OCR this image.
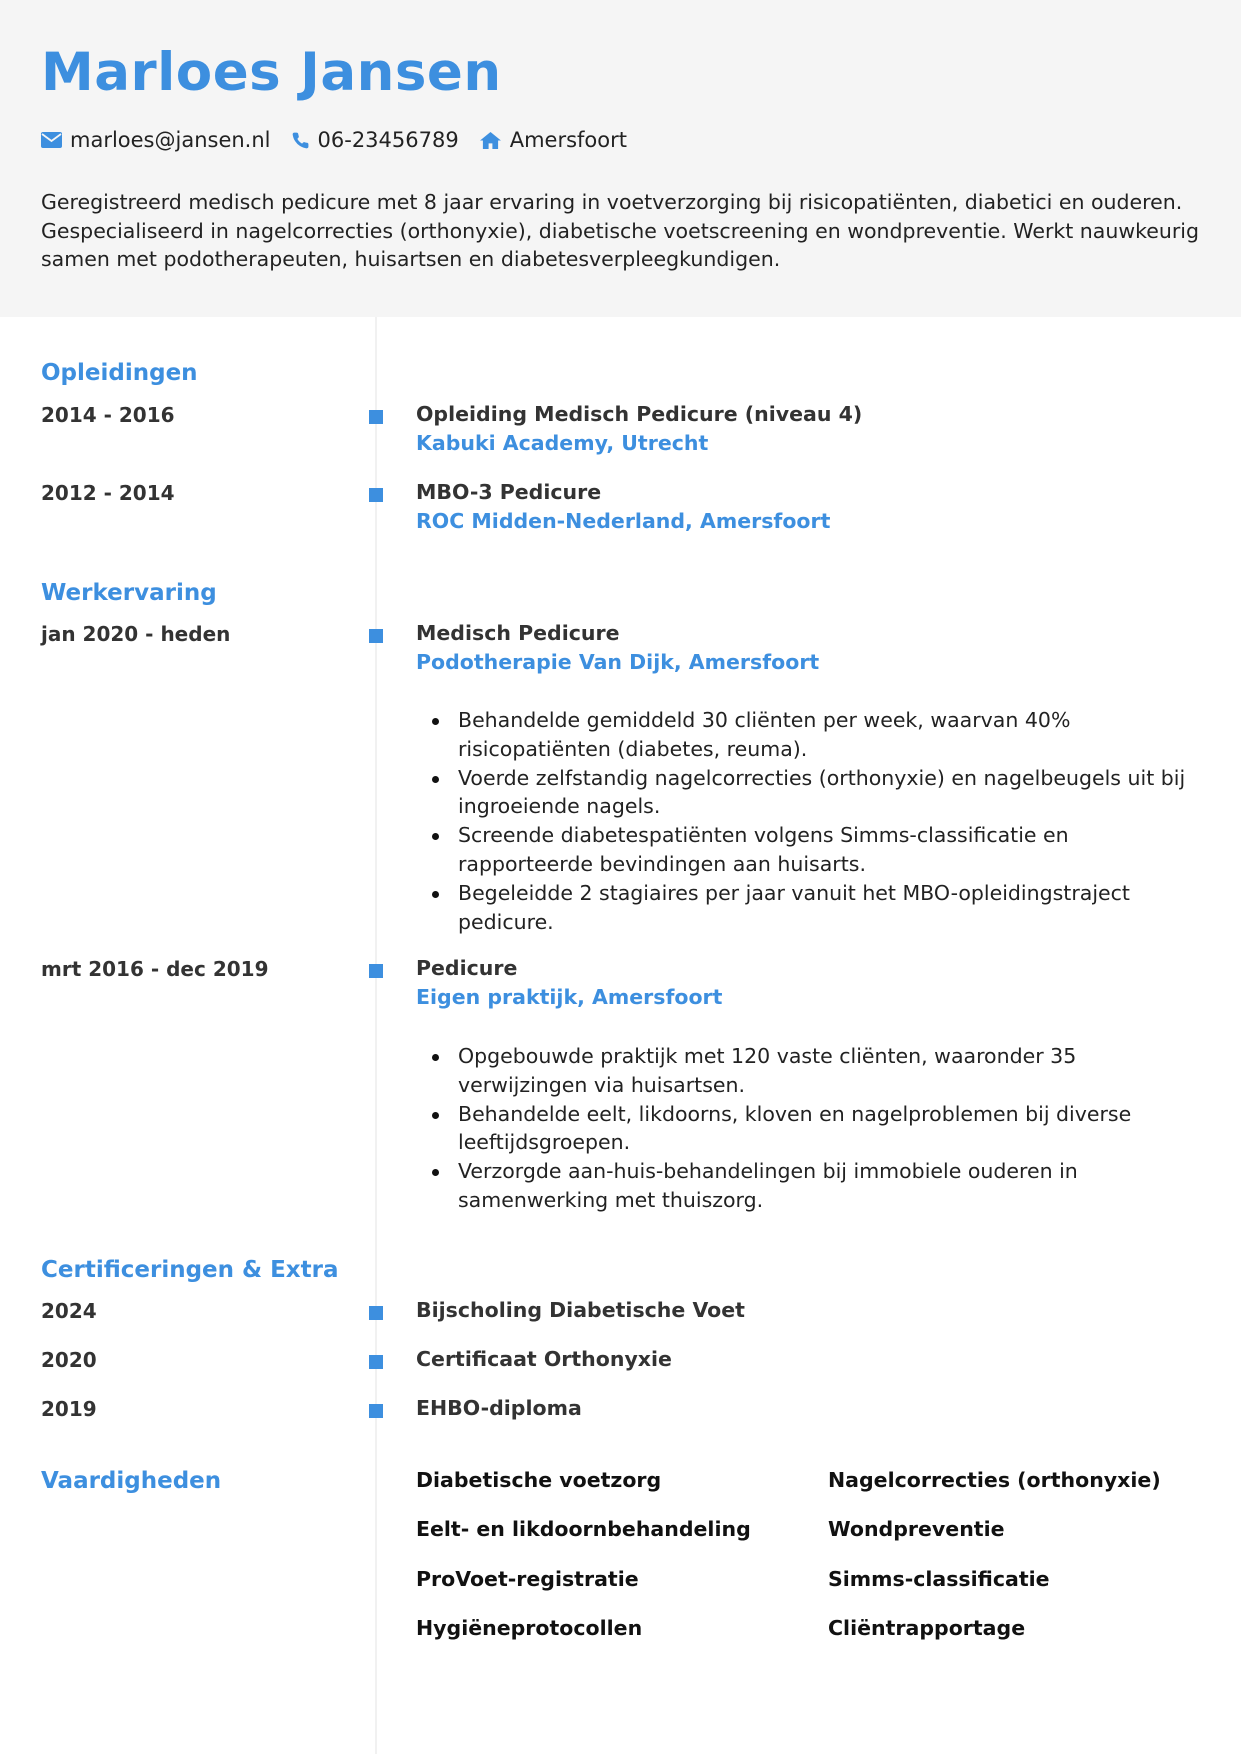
Marloes Jansen
marloes@jansen.nl 06-23456789 Amersfoort
Geregistreerd medisch pedicure met 8 jaar ervaring in voetverzorging bij risicopatiënten, diabetici en ouderen. Gespecialiseerd in nagelcorrecties (orthonyxie), diabetische voetscreening en wondpreventie. Werkt nauwkeurig samen met podotherapeuten, huisartsen en diabetesverpleegkundigen.
Opleidingen
2014 - 2016	Opleiding Medisch Pedicure (niveau 4)
Kabuki Academy, Utrecht
2012 - 2014	MBO-3 Pedicure
ROC Midden-Nederland, Amersfoort
Werkervaring
jan 2020 - heden	Medisch Pedicure
Podotherapie Van Dijk, Amersfoort
Behandelde gemiddeld 30 cliënten per week, waarvan 40% risicopatiënten (diabetes, reuma).
Voerde zelfstandig nagelcorrecties (orthonyxie) en nagelbeugels uit bij ingroeiende nagels.
Screende diabetespatiënten volgens Simms-classificatie en rapporteerde bevindingen aan huisarts.
Begeleidde 2 stagiaires per jaar vanuit het MBO-opleidingstraject pedicure.
mrt 2016 - dec 2019	Pedicure
Eigen praktijk, Amersfoort
Opgebouwde praktijk met 120 vaste cliënten, waaronder 35 verwijzingen via huisartsen.
Behandelde eelt, likdoorns, kloven en nagelproblemen bij diverse leeftijdsgroepen.
Verzorgde aan-huis-behandelingen bij immobiele ouderen in samenwerking met thuiszorg.
Certificeringen & Extra
2024	Bijscholing Diabetische Voet
2020	Certificaat Orthonyxie
2019	EHBO-diploma
Vaardigheden	Diabetische voetzorg	Nagelcorrecties (orthonyxie)
Eelt- en likdoornbehandeling	Wondpreventie
ProVoet-registratie	Simms-classificatie
Hygiëneprotocollen	Cliëntrapportage
